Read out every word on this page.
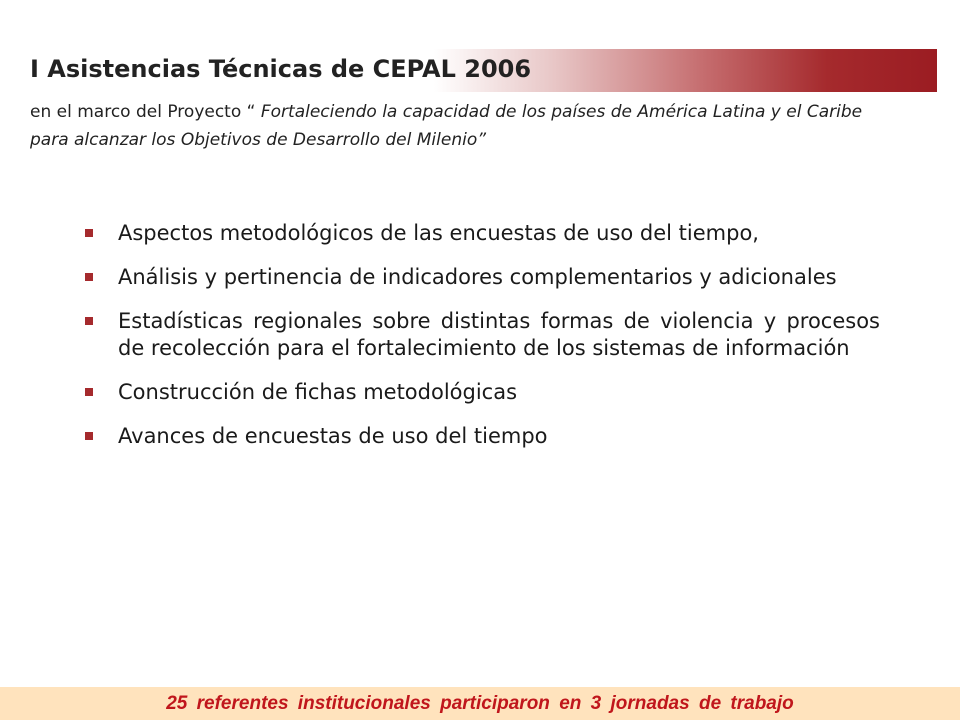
I Asistencias Técnicas de CEPAL 2006

en el marco del Proyecto “ Fortaleciendo la capacidad de los países de América Latina y el Caribe para alcanzar los Objetivos de Desarrollo del Milenio”

Aspectos metodológicos de las encuestas de uso del tiempo,
Análisis y pertinencia de indicadores complementarios y adicionales
Estadísticas regionales sobre distintas formas de violencia y procesos de recolección para el fortalecimiento de los sistemas de información
Construcción de fichas metodológicas
Avances de encuestas de uso del tiempo
25 referentes institucionales participaron en 3 jornadas de trabajo
